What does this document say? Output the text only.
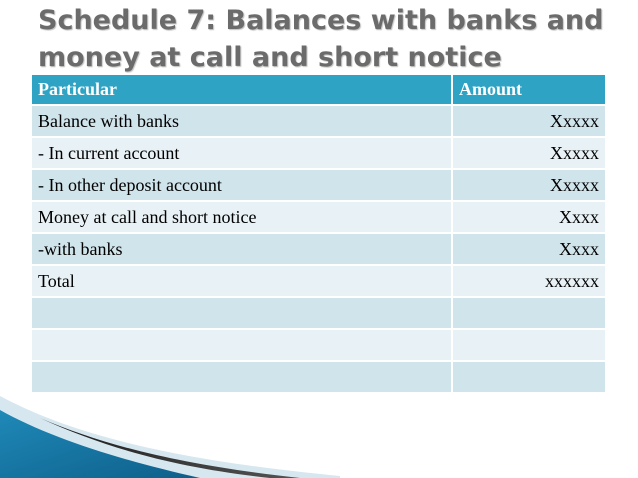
Schedule 7: Balances with banks and
money at call and short notice
Particular	Amount
Balance with banks	Xxxxx
- In current account	Xxxxx
- In other deposit account	Xxxxx
Money at call and short notice	Xxxx
-with banks	Xxxx
Total	xxxxxx
